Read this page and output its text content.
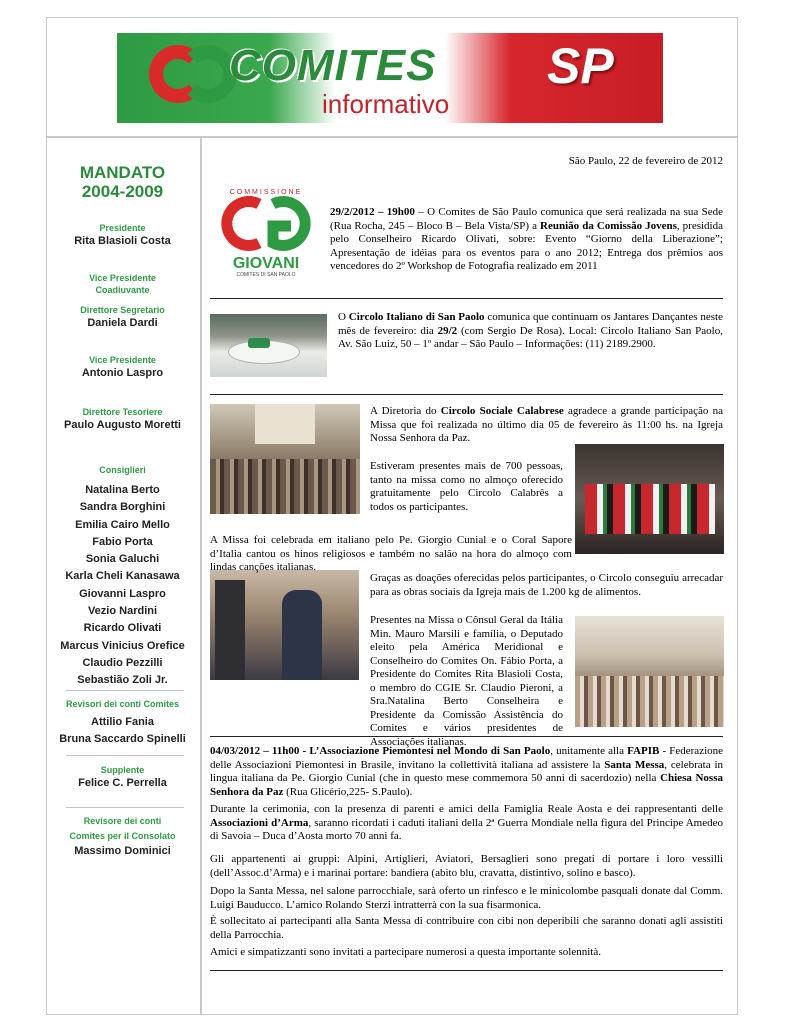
COMITES SP
informativo
MANDATO
2004-2009
Presidente
Rita Blasioli Costa
Vice Presidente
Coadiuvante
Direttore Segretario
Daniela Dardi
Vice Presidente
Antonio Laspro
Direttore Tesoriere
Paulo Augusto Moretti
Consiglieri
Natalina Berto
Sandra Borghini
Emilia Cairo Mello
Fabio Porta
Sonia Galuchi
Karla Cheli Kanasawa
Giovanni Laspro
Vezio Nardini
Ricardo Olivati
Marcus Vinicius Orefice
Claudio Pezzilli
Sebastião Zoli Jr.
Revisori dei conti Comites
Attilio Fania
Bruna Saccardo Spinelli
Supplente
Felice C. Perrella
Revisore dei conti
Comites per il Consolato
Massimo Dominici
São Paulo, 22 de fevereiro de 2012
COMMISSIONE
GIOVANI
COMITES DI SAN PAOLO
29/2/2012 – 19h00 – O Comites de São Paulo comunica que será realizada na sua Sede (Rua Rocha, 245 – Bloco B – Bela Vista/SP) a Reunião da Comissão Jovens, presidida pelo Conselheiro Ricardo Olivati, sobre: Evento “Giorno della Liberazione”; Apresentação de idéias para os eventos para o ano 2012; Entrega dos prêmios aos vencedores do 2º Workshop de Fotografia realizado em 2011
O Circolo Italiano di San Paolo comunica que continuam os Jantares Dançantes neste mês de fevereiro: dia 29/2 (com Sergio De Rosa). Local: Circolo Italiano San Paolo, Av. São Luiz, 50 – 1º andar – São Paulo – Informações: (11) 2189.2900.
A Diretoria do Circolo Sociale Calabrese agradece a grande participação na Missa que foi realizada no último dia 05 de fevereiro às 11:00 hs. na Igreja Nossa Senhora da Paz.
Estiveram presentes mais de 700 pessoas, tanto na missa como no almoço oferecido gratuitamente pelo Circolo Calabrês a todos os participantes.
A Missa foi celebrada em italiano pelo Pe. Giorgio Cunial e o Coral Sapore d’Italia cantou os hinos religiosos e também no salão na hora do almoço com lindas canções italianas.
Graças as doações oferecidas pelos participantes, o Circolo conseguiu arrecadar para as obras sociais da Igreja mais de 1.200 kg de alimentos.
Presentes na Missa o Cônsul Geral da Itália Min. Mauro Marsili e família, o Deputado eleito pela América Meridional e Conselheiro do Comites On. Fábio Porta, a Presidente do Comites Rita Blasioli Costa, o membro do CGIE Sr. Claudio Pieroni, a Sra.Natalina Berto Conselheira e Presidente da Comissão Assistência do Comites e vários presidentes de Associações italianas.
04/03/2012 – 11h00 - L’Associazione Piemontesi nel Mondo di San Paolo, unitamente alla FAPIB - Federazione delle Associazioni Piemontesi in Brasile, invitano la collettività italiana ad assistere la Santa Messa, celebrata in lingua italiana da Pe. Giorgio Cunial (che in questo mese commemora 50 anni di sacerdozio) nella Chiesa Nossa Senhora da Paz (Rua Glicério,225- S.Paulo).
Durante la cerimonia, con la presenza di parenti e amici della Famiglia Reale Aosta e dei rappresentanti delle Associazioni d’Arma, saranno ricordati i caduti italiani della 2ª Guerra Mondiale nella figura del Principe Amedeo di Savoia – Duca d’Aosta morto 70 anni fa.
Gli appartenenti ai gruppi: Alpini, Artiglieri, Aviatori, Bersaglieri sono pregati di portare i loro vessilli (dell’Assoc.d’Arma) e i marinai portare: bandiera (abito blu, cravatta, distintivo, solino e basco).
Dopo la Santa Messa, nel salone parrocchiale, sarà oferto un rinfesco e le minicolombe pasquali donate dal Comm. Luigi Bauducco. L’amico Rolando Sterzi intratterrà con la sua fisarmonica.
È sollecitato ai partecipanti alla Santa Messa di contribuire con cibi non deperibili che saranno donati agli assistiti della Parrocchia.
Amici e simpatizzanti sono invitati a partecipare numerosi a questa importante solennità.
